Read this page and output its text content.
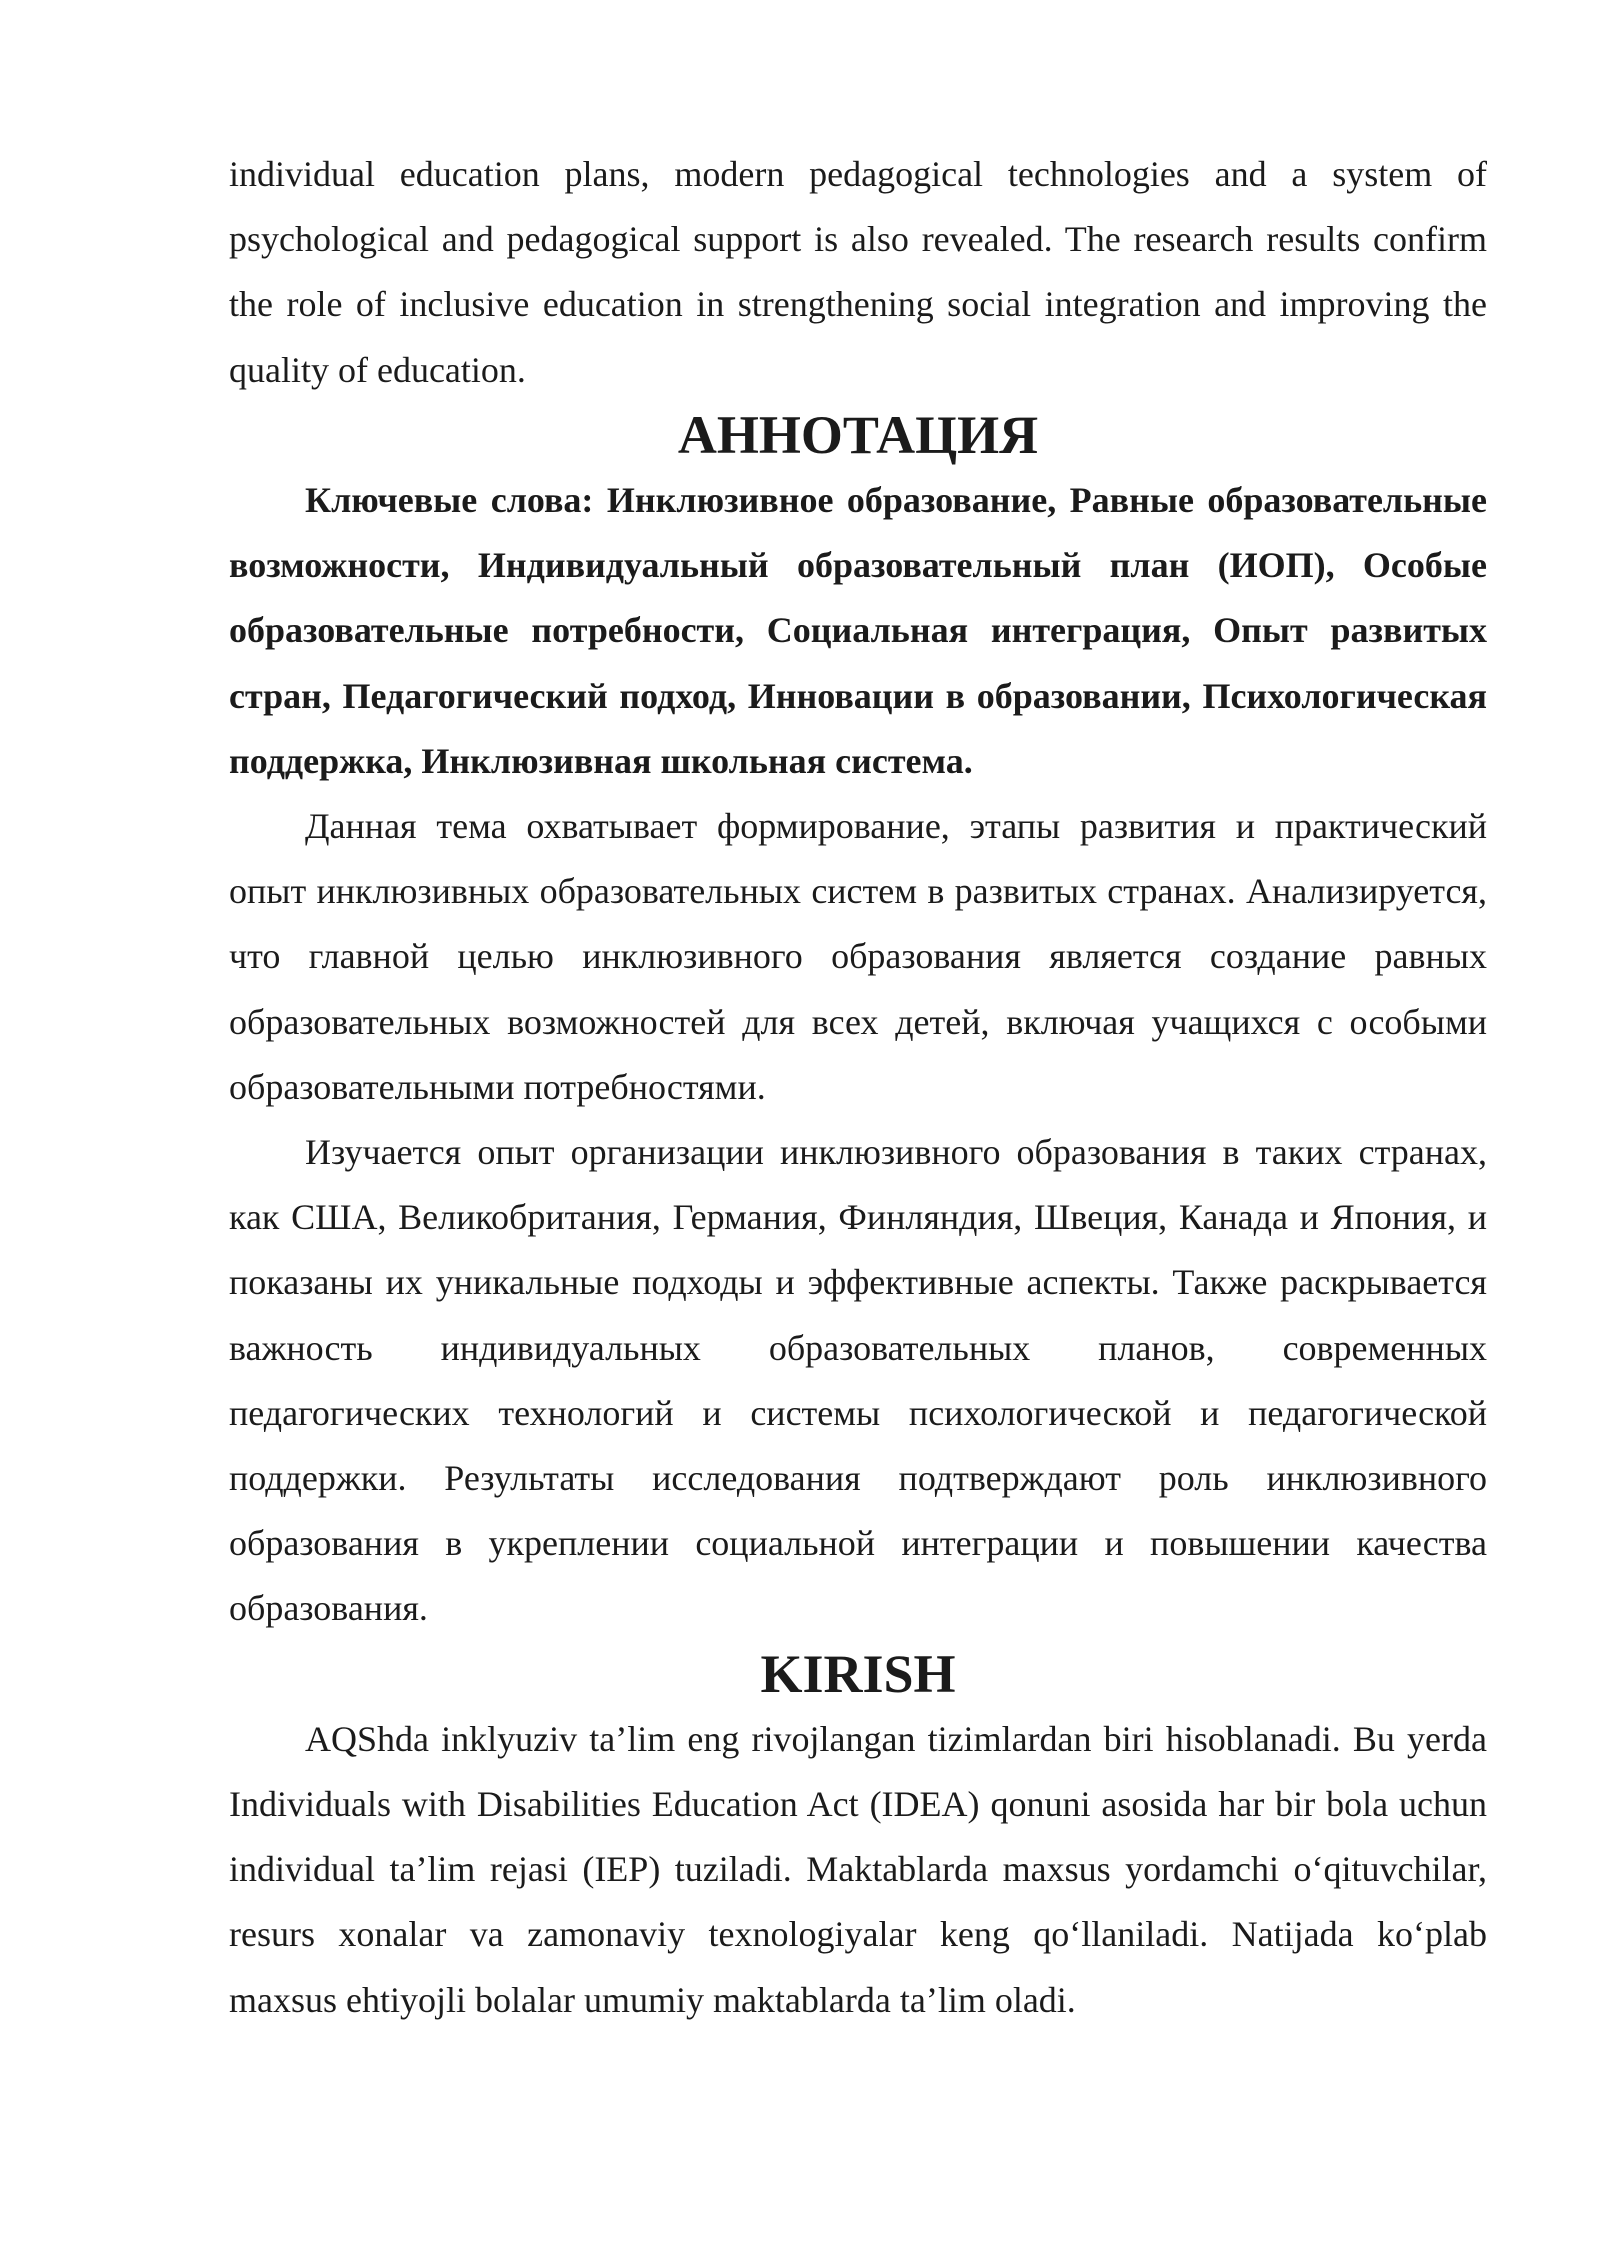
individual education plans, modern pedagogical technologies and a system of psychological and pedagogical support is also revealed. The research results confirm the role of inclusive education in strengthening social integration and improving the quality of education.

АННОТАЦИЯ

Ключевые слова: Инклюзивное образование, Равные образовательные возможности, Индивидуальный образовательный план (ИОП), Особые образовательные потребности, Социальная интеграция, Опыт развитых стран, Педагогический подход, Инновации в образовании, Психологическая поддержка, Инклюзивная школьная система.

Данная тема охватывает формирование, этапы развития и практический опыт инклюзивных образовательных систем в развитых странах. Анализируется, что главной целью инклюзивного образования является создание равных образовательных возможностей для всех детей, включая учащихся с особыми образовательными потребностями.

Изучается опыт организации инклюзивного образования в таких странах, как США, Великобритания, Германия, Финляндия, Швеция, Канада и Япония, и показаны их уникальные подходы и эффективные аспекты. Также раскрывается важность индивидуальных образовательных планов, современных педагогических технологий и системы психологической и педагогической поддержки. Результаты исследования подтверждают роль инклюзивного образования в укреплении социальной интеграции и повышении качества образования.

KIRISH

AQShda inklyuziv ta’lim eng rivojlangan tizimlardan biri hisoblanadi. Bu yerda Individuals with Disabilities Education Act (IDEA) qonuni asosida har bir bola uchun individual ta’lim rejasi (IEP) tuziladi. Maktablarda maxsus yordamchi o‘qituvchilar, resurs xonalar va zamonaviy texnologiyalar keng qo‘llaniladi. Natijada ko‘plab maxsus ehtiyojli bolalar umumiy maktablarda ta’lim oladi.
